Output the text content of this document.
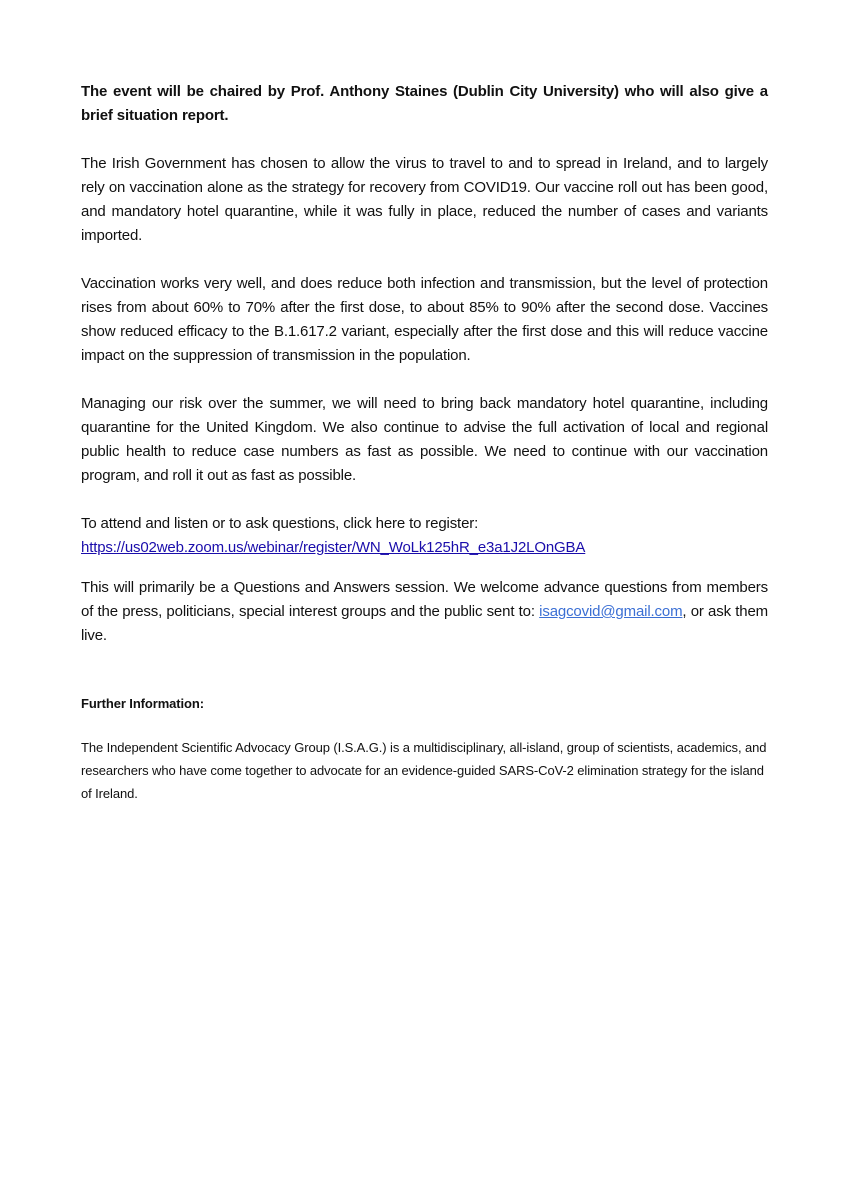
The event will be chaired by Prof. Anthony Staines (Dublin City University) who will also give a brief situation report.
The Irish Government has chosen to allow the virus to travel to and to spread in Ireland, and to largely rely on vaccination alone as the strategy for recovery from COVID19. Our vaccine roll out has been good, and mandatory hotel quarantine, while it was fully in place, reduced the number of cases and variants imported.
Vaccination works very well, and does reduce both infection and transmission, but the level of protection rises from about 60% to 70% after the first dose, to about 85% to 90% after the second dose. Vaccines show reduced efficacy to the B.1.617.2 variant, especially after the first dose and this will reduce vaccine impact on the suppression of transmission in the population.
Managing our risk over the summer, we will need to bring back mandatory hotel quarantine, including quarantine for the United Kingdom. We also continue to advise the full activation of local and regional public health to reduce case numbers as fast as possible. We need to continue with our vaccination program, and roll it out as fast as possible.
To attend and listen or to ask questions, click here to register:
https://us02web.zoom.us/webinar/register/WN_WoLk125hR_e3a1J2LOnGBA
This will primarily be a Questions and Answers session. We welcome advance questions from members of the press, politicians, special interest groups and the public sent to: isagcovid@gmail.com, or ask them live.
Further Information:
The Independent Scientific Advocacy Group (I.S.A.G.) is a multidisciplinary, all-island, group of scientists, academics, and researchers who have come together to advocate for an evidence-guided SARS-CoV-2 elimination strategy for the island of Ireland.
